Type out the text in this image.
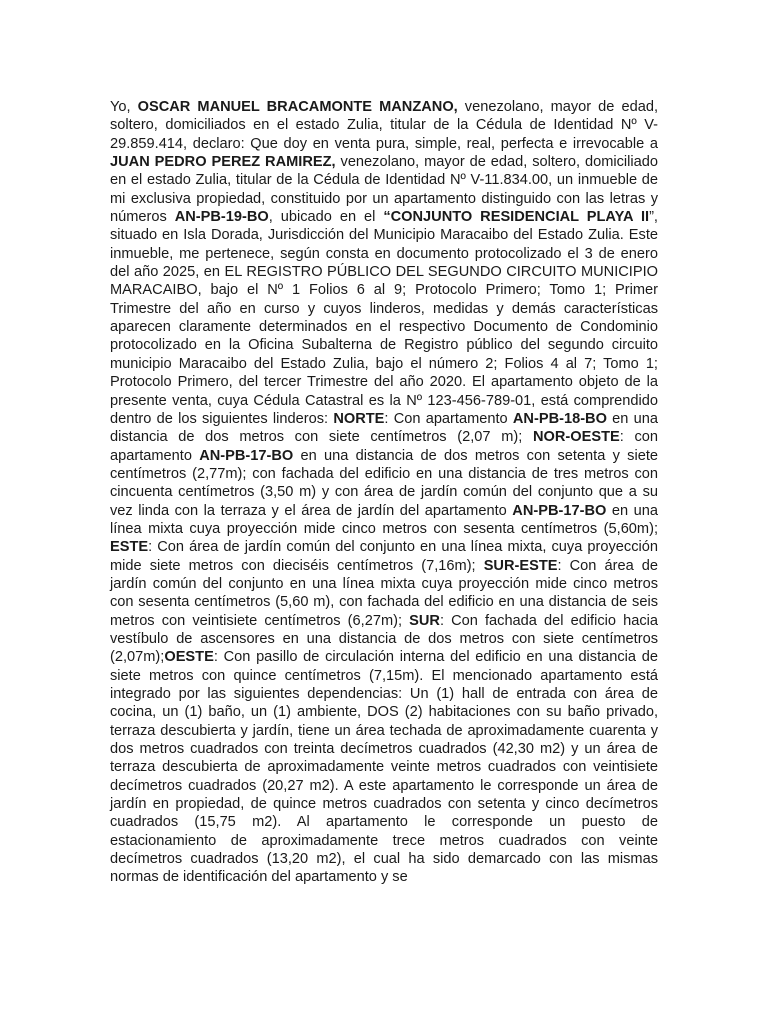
Yo, OSCAR MANUEL BRACAMONTE MANZANO, venezolano, mayor de edad, soltero, domiciliados en el estado Zulia, titular de la Cédula de Identidad Nº V-29.859.414, declaro: Que doy en venta pura, simple, real, perfecta e irrevocable a JUAN PEDRO PEREZ RAMIREZ, venezolano, mayor de edad, soltero, domiciliado en el estado Zulia, titular de la Cédula de Identidad Nº V-11.834.00, un inmueble de mi exclusiva propiedad, constituido por un apartamento distinguido con las letras y números AN-PB-19-BO, ubicado en el “CONJUNTO RESIDENCIAL PLAYA II”, situado en Isla Dorada, Jurisdicción del Municipio Maracaibo del Estado Zulia. Este inmueble, me pertenece, según consta en documento protocolizado el 3 de enero del año 2025, en EL REGISTRO PÚBLICO DEL SEGUNDO CIRCUITO MUNICIPIO MARACAIBO, bajo el Nº 1 Folios 6 al 9; Protocolo Primero; Tomo 1; Primer Trimestre del año en curso y cuyos linderos, medidas y demás características aparecen claramente determinados en el respectivo Documento de Condominio protocolizado en la Oficina Subalterna de Registro público del segundo circuito municipio Maracaibo del Estado Zulia, bajo el número 2; Folios 4 al 7; Tomo 1; Protocolo Primero, del tercer Trimestre del año 2020. El apartamento objeto de la presente venta, cuya Cédula Catastral es la Nº 123-456-789-01, está comprendido dentro de los siguientes linderos: NORTE: Con apartamento AN-PB-18-BO en una distancia de dos metros con siete centímetros (2,07 m); NOR-OESTE: con apartamento AN-PB-17-BO en una distancia de dos metros con setenta y siete centímetros (2,77m); con fachada del edificio en una distancia de tres metros con cincuenta centímetros (3,50 m) y con área de jardín común del conjunto que a su vez linda con la terraza y el área de jardín del apartamento AN-PB-17-BO en una línea mixta cuya proyección mide cinco metros con sesenta centímetros (5,60m); ESTE: Con área de jardín común del conjunto en una línea mixta, cuya proyección mide siete metros con dieciséis centímetros (7,16m); SUR-ESTE: Con área de jardín común del conjunto en una línea mixta cuya proyección mide cinco metros con sesenta centímetros (5,60 m), con fachada del edificio en una distancia de seis metros con veintisiete centímetros (6,27m); SUR: Con fachada del edificio hacia vestíbulo de ascensores en una distancia de dos metros con siete centímetros (2,07m);OESTE: Con pasillo de circulación interna del edificio en una distancia de siete metros con quince centímetros (7,15m). El mencionado apartamento está integrado por las siguientes dependencias: Un (1) hall de entrada con área de cocina, un (1) baño, un (1) ambiente, DOS (2) habitaciones con su baño privado, terraza descubierta y jardín, tiene un área techada de aproximadamente cuarenta y dos metros cuadrados con treinta decímetros cuadrados (42,30 m2) y un área de terraza descubierta de aproximadamente veinte metros cuadrados con veintisiete decímetros cuadrados (20,27 m2). A este apartamento le corresponde un área de jardín en propiedad, de quince metros cuadrados con setenta y cinco decímetros cuadrados (15,75 m2). Al apartamento le corresponde un puesto de estacionamiento de aproximadamente trece metros cuadrados con veinte decímetros cuadrados (13,20 m2), el cual ha sido demarcado con las mismas normas de identificación del apartamento y se
